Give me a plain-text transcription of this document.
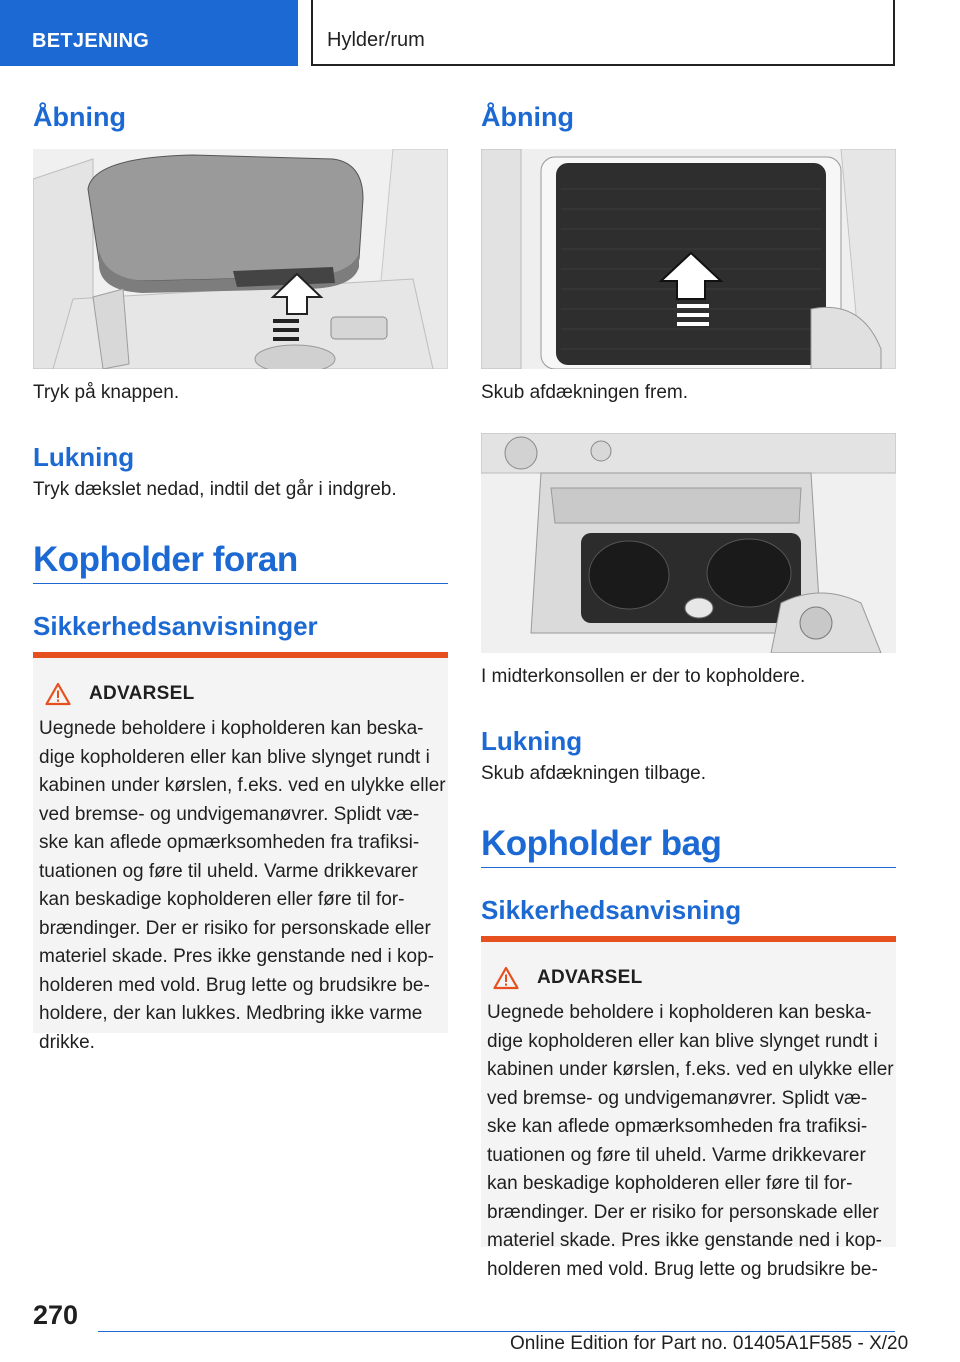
BETJENING	Hylder/rum
Åbning
Tryk på knappen.
Lukning
Tryk dækslet nedad, indtil det går i indgreb.
Kopholder foran
Sikkerhedsanvisninger
ADVARSEL
Uegnede beholdere i kopholderen kan beska‐
dige kopholderen eller kan blive slynget rundt i
kabinen under kørslen, f.eks. ved en ulykke eller
ved bremse- og undvigemanøvrer. Splidt væ‐
ske kan aflede opmærksomheden fra trafiksi‐
tuationen og føre til uheld. Varme drikkevarer
kan beskadige kopholderen eller føre til for‐
brændinger. Der er risiko for personskade eller
materiel skade. Pres ikke genstande ned i kop‐
holderen med vold. Brug lette og brudsikre be‐
holdere, der kan lukkes. Medbring ikke varme
drikke.
Åbning
Skub afdækningen frem.
I midterkonsollen er der to kopholdere.
Lukning
Skub afdækningen tilbage.
Kopholder bag
Sikkerhedsanvisning
ADVARSEL
Uegnede beholdere i kopholderen kan beska‐
dige kopholderen eller kan blive slynget rundt i
kabinen under kørslen, f.eks. ved en ulykke eller
ved bremse- og undvigemanøvrer. Splidt væ‐
ske kan aflede opmærksomheden fra trafiksi‐
tuationen og føre til uheld. Varme drikkevarer
kan beskadige kopholderen eller føre til for‐
brændinger. Der er risiko for personskade eller
materiel skade. Pres ikke genstande ned i kop‐
holderen med vold. Brug lette og brudsikre be‐
270
Online Edition for Part no. 01405A1F585 - X/20
